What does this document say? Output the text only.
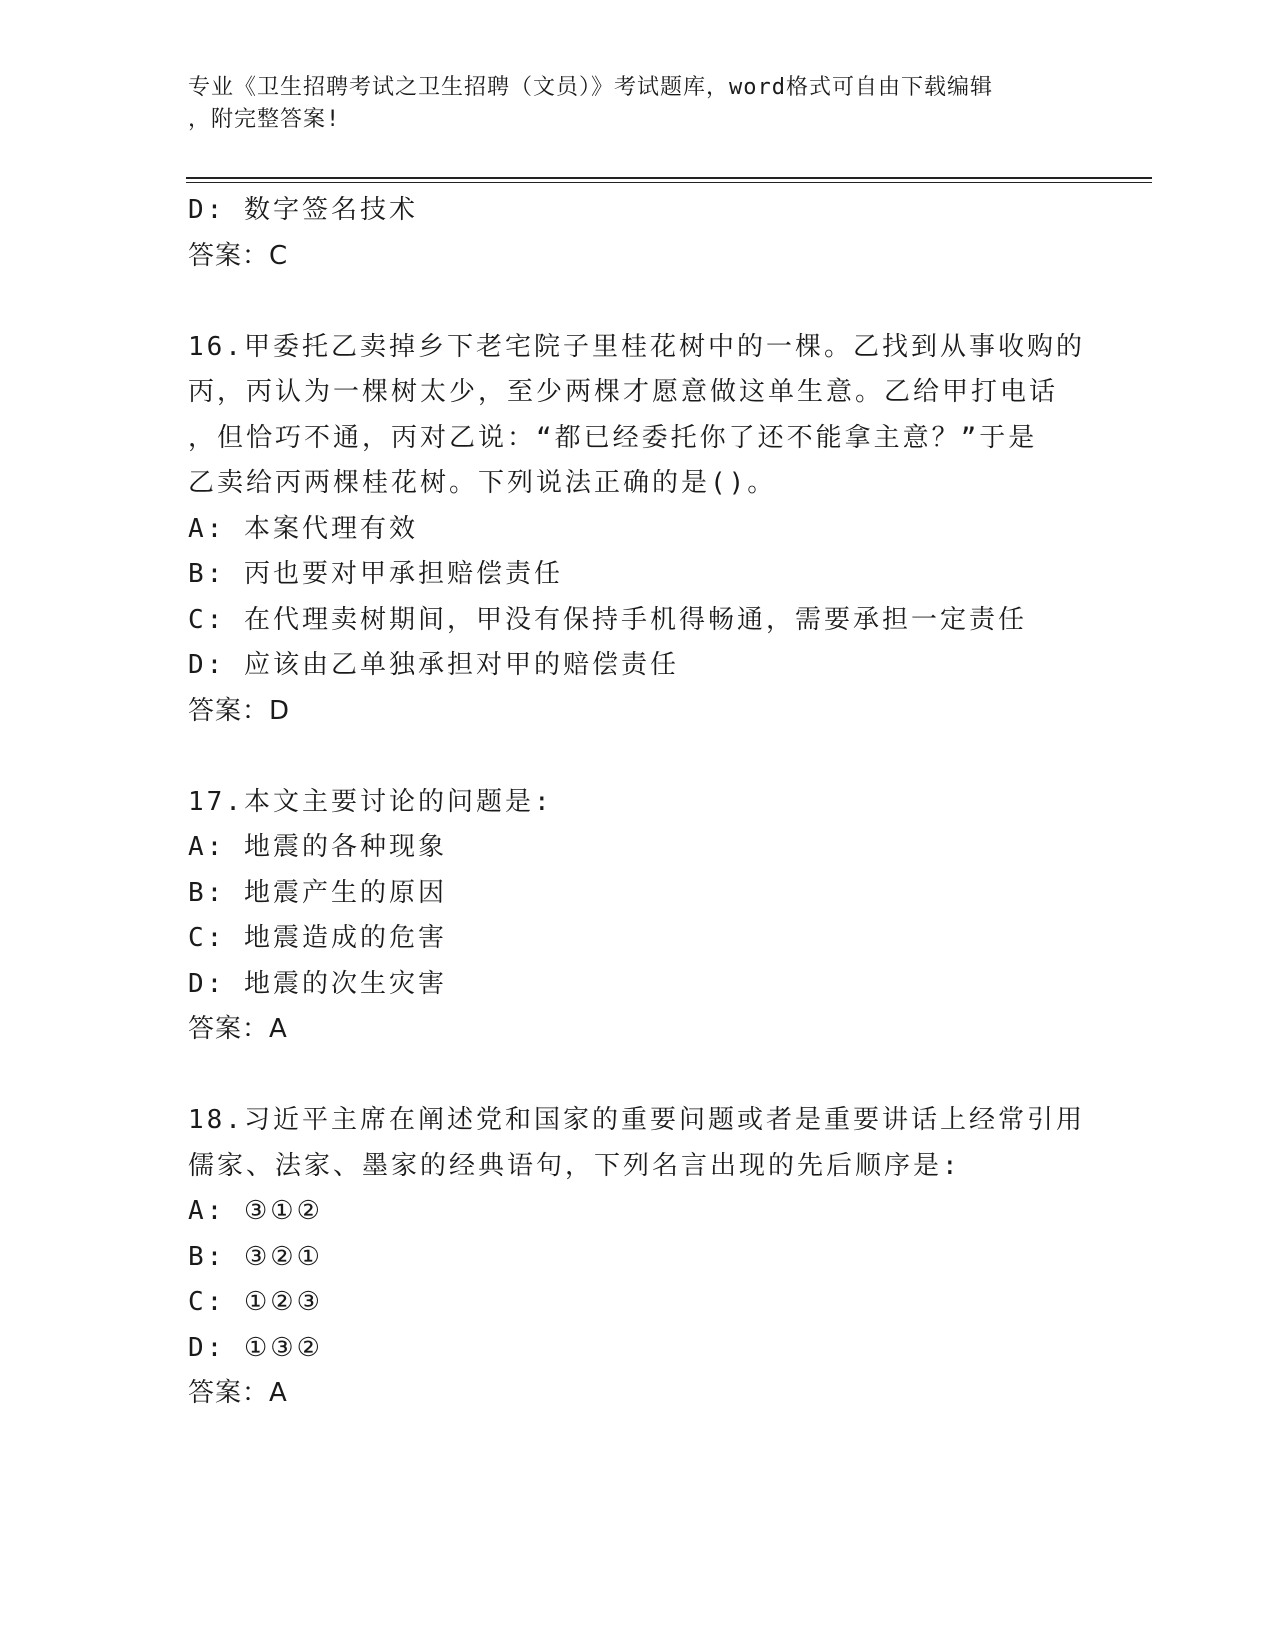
专业《卫生招聘考试之卫生招聘（文员）》考试题库，word格式可自由下载编辑
，附完整答案!
D: 数字签名技术
答案：C
16.甲委托乙卖掉乡下老宅院子里桂花树中的一棵。乙找到从事收购的
丙，丙认为一棵树太少，至少两棵才愿意做这单生意。乙给甲打电话
，但恰巧不通，丙对乙说：“都已经委托你了还不能拿主意？”于是
乙卖给丙两棵桂花树。下列说法正确的是()。
A: 本案代理有效
B: 丙也要对甲承担赔偿责任
C: 在代理卖树期间，甲没有保持手机得畅通，需要承担一定责任
D: 应该由乙单独承担对甲的赔偿责任
答案：D
17.本文主要讨论的问题是:
A: 地震的各种现象
B: 地震产生的原因
C: 地震造成的危害
D: 地震的次生灾害
答案：A
18.习近平主席在阐述党和国家的重要问题或者是重要讲话上经常引用
儒家、法家、墨家的经典语句，下列名言出现的先后顺序是:
A: ③①②
B: ③②①
C: ①②③
D: ①③②
答案：A
